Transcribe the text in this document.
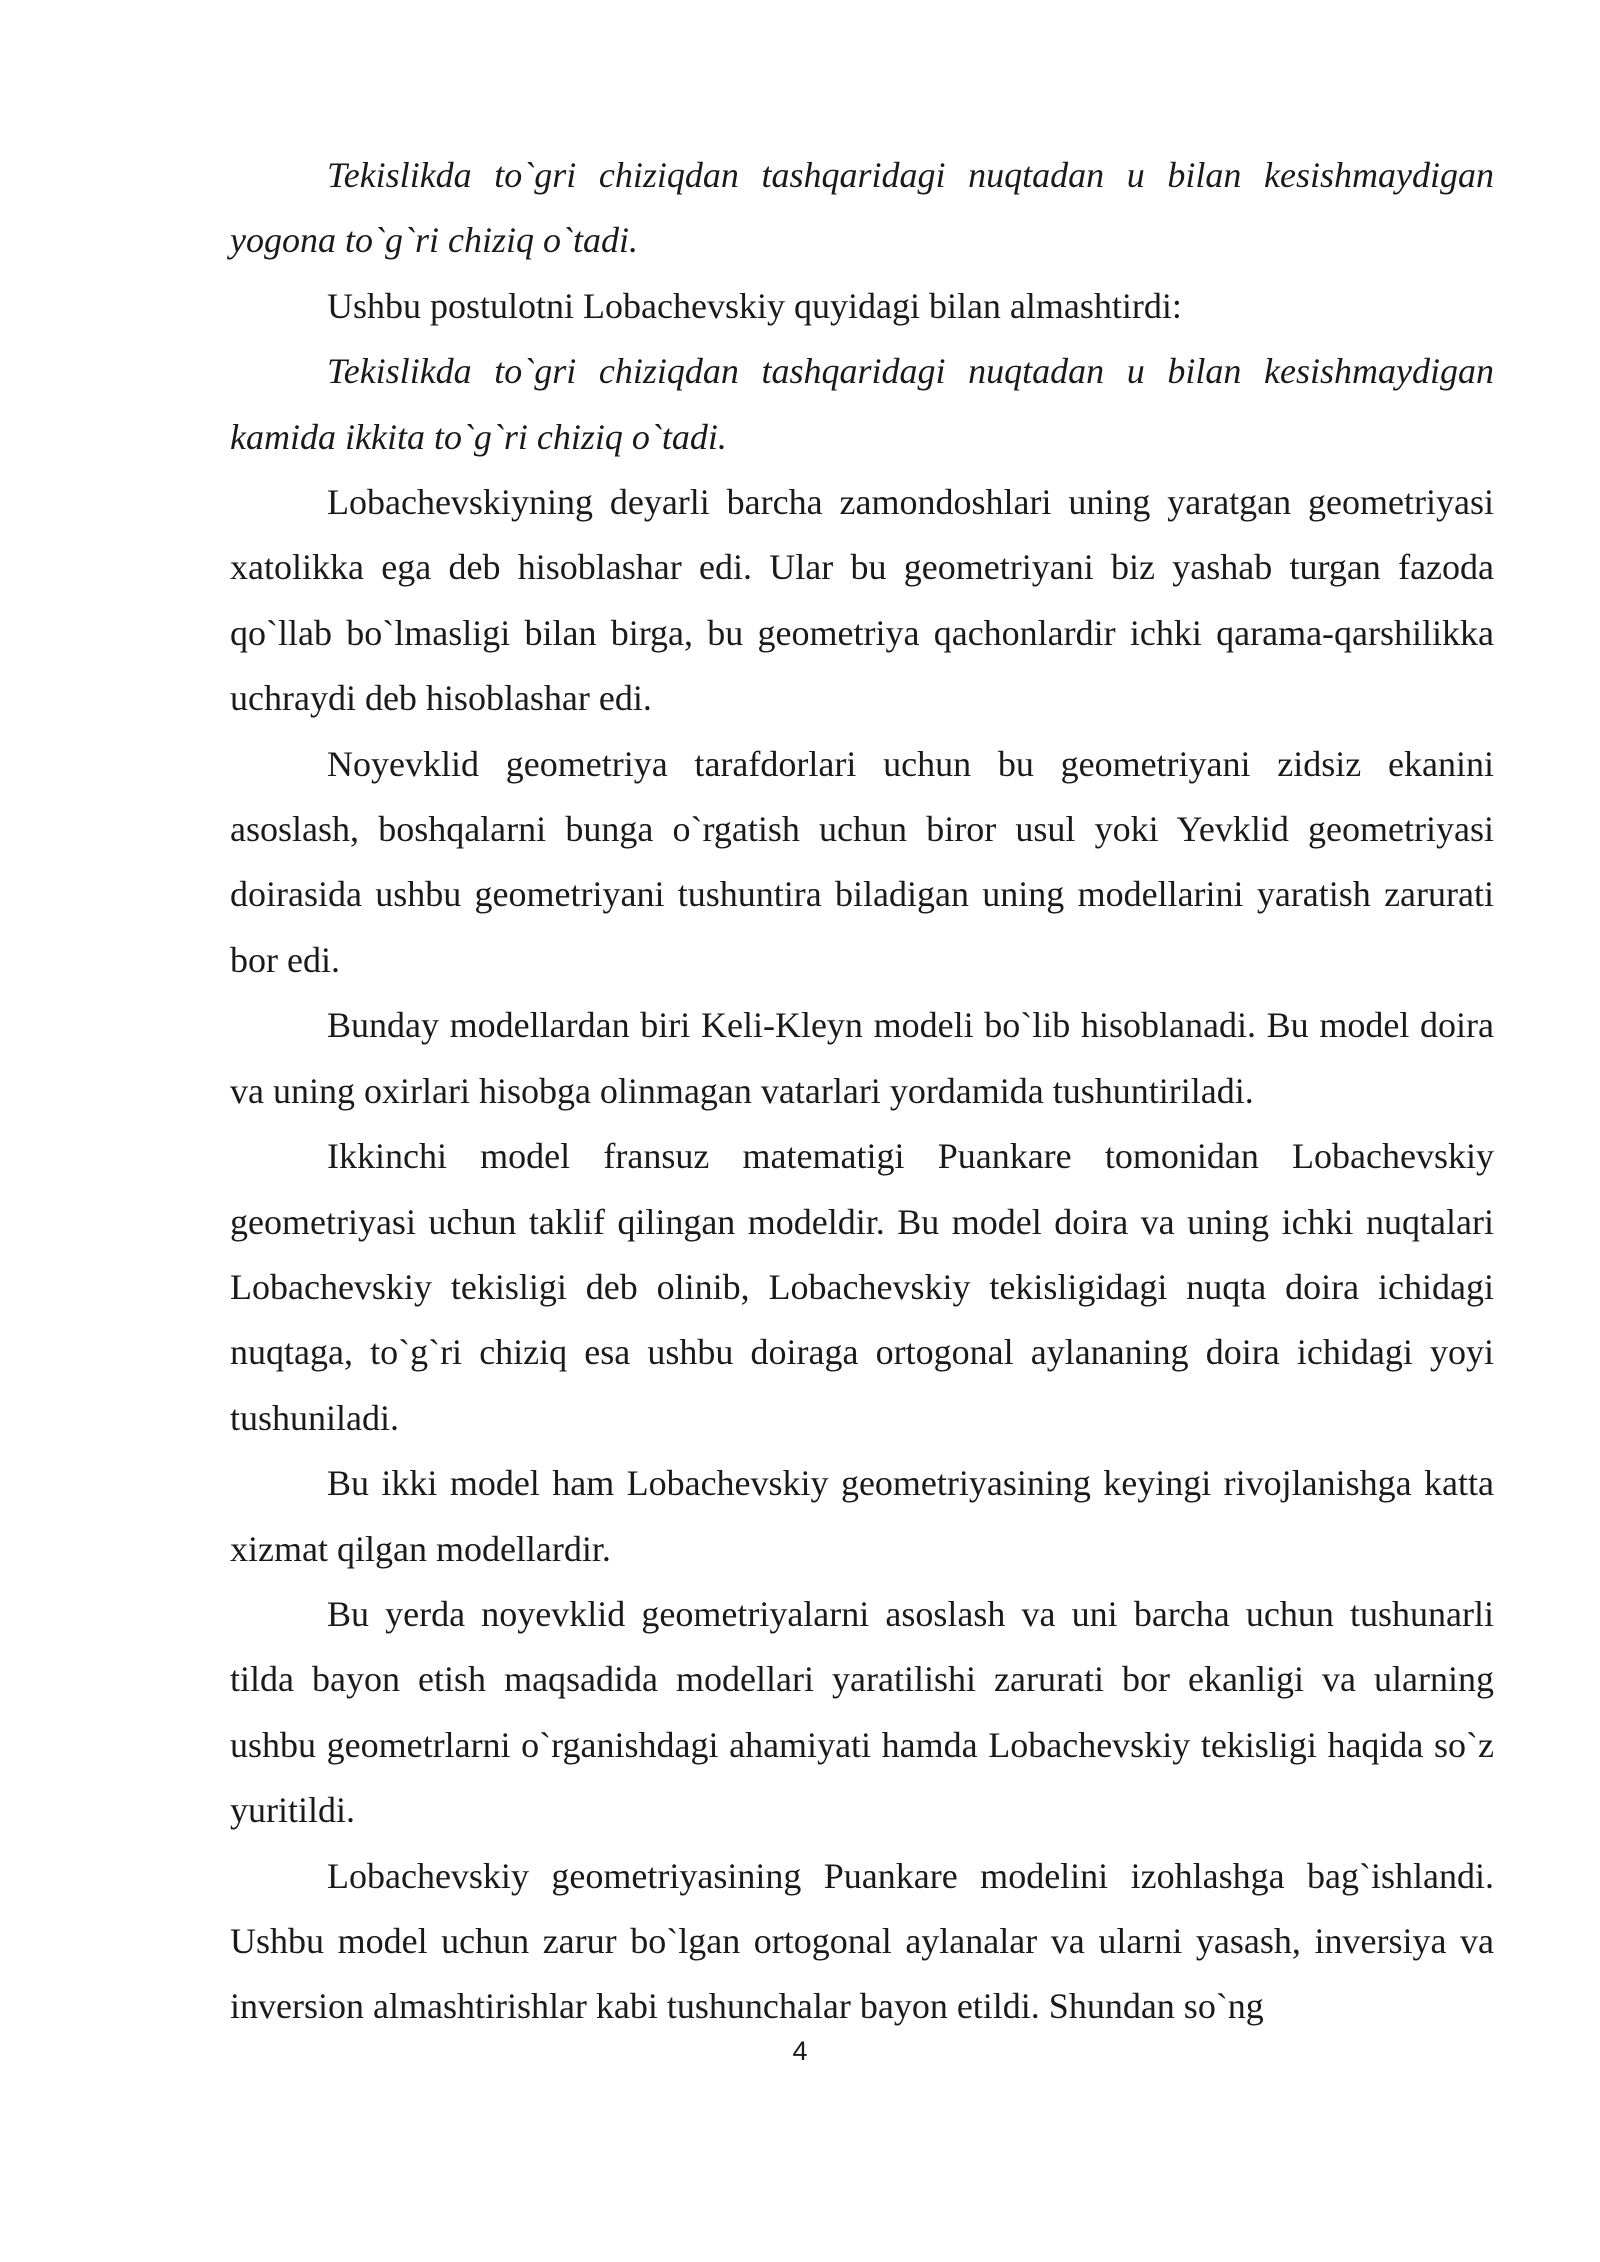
Tekislikda to`gri chiziqdan tashqaridagi nuqtadan u bilan kesishmaydigan yogona to`g`ri chiziq o`tadi.

Ushbu postulotni Lobachevskiy quyidagi bilan almashtirdi:

Tekislikda to`gri chiziqdan tashqaridagi nuqtadan u bilan kesishmaydigan kamida ikkita to`g`ri chiziq o`tadi.

Lobachevskiyning deyarli barcha zamondoshlari uning yaratgan geometriyasi xatolikka ega deb hisoblashar edi. Ular bu geometriyani biz yashab turgan fazoda qo`llab bo`lmasligi bilan birga, bu geometriya qachonlardir ichki qarama-qarshilikka uchraydi deb hisoblashar edi.

Noyevklid geometriya tarafdorlari uchun bu geometriyani zidsiz ekanini asoslash, boshqalarni bunga o`rgatish uchun biror usul yoki Yevklid geometriyasi doirasida ushbu geometriyani tushuntira biladigan uning modellarini yaratish zarurati bor edi.

Bunday modellardan biri Keli-Kleyn modeli bo`lib hisoblanadi. Bu model doira va uning oxirlari hisobga olinmagan vatarlari yordamida tushuntiriladi.

Ikkinchi model fransuz matematigi Puankare tomonidan Lobachevskiy geometriyasi uchun taklif qilingan modeldir. Bu model doira va uning ichki nuqtalari Lobachevskiy tekisligi deb olinib, Lobachevskiy tekisligidagi nuqta doira ichidagi nuqtaga, to`g`ri chiziq esa ushbu doiraga ortogonal aylananing doira ichidagi yoyi tushuniladi.

Bu ikki model ham Lobachevskiy geometriyasining keyingi rivojlanishga katta xizmat qilgan modellardir.

Bu yerda noyevklid geometriyalarni asoslash va uni barcha uchun tushunarli tilda bayon etish maqsadida modellari yaratilishi zarurati bor ekanligi va ularning ushbu geometrlarni o`rganishdagi ahamiyati hamda Lobachevskiy tekisligi haqida so`z yuritildi.

Lobachevskiy geometriyasining Puankare modelini izohlashga bag`ishlandi. Ushbu model uchun zarur bo`lgan ortogonal aylanalar va ularni yasash, inversiya va inversion almashtirishlar kabi tushunchalar bayon etildi. Shundan so`ng

4
